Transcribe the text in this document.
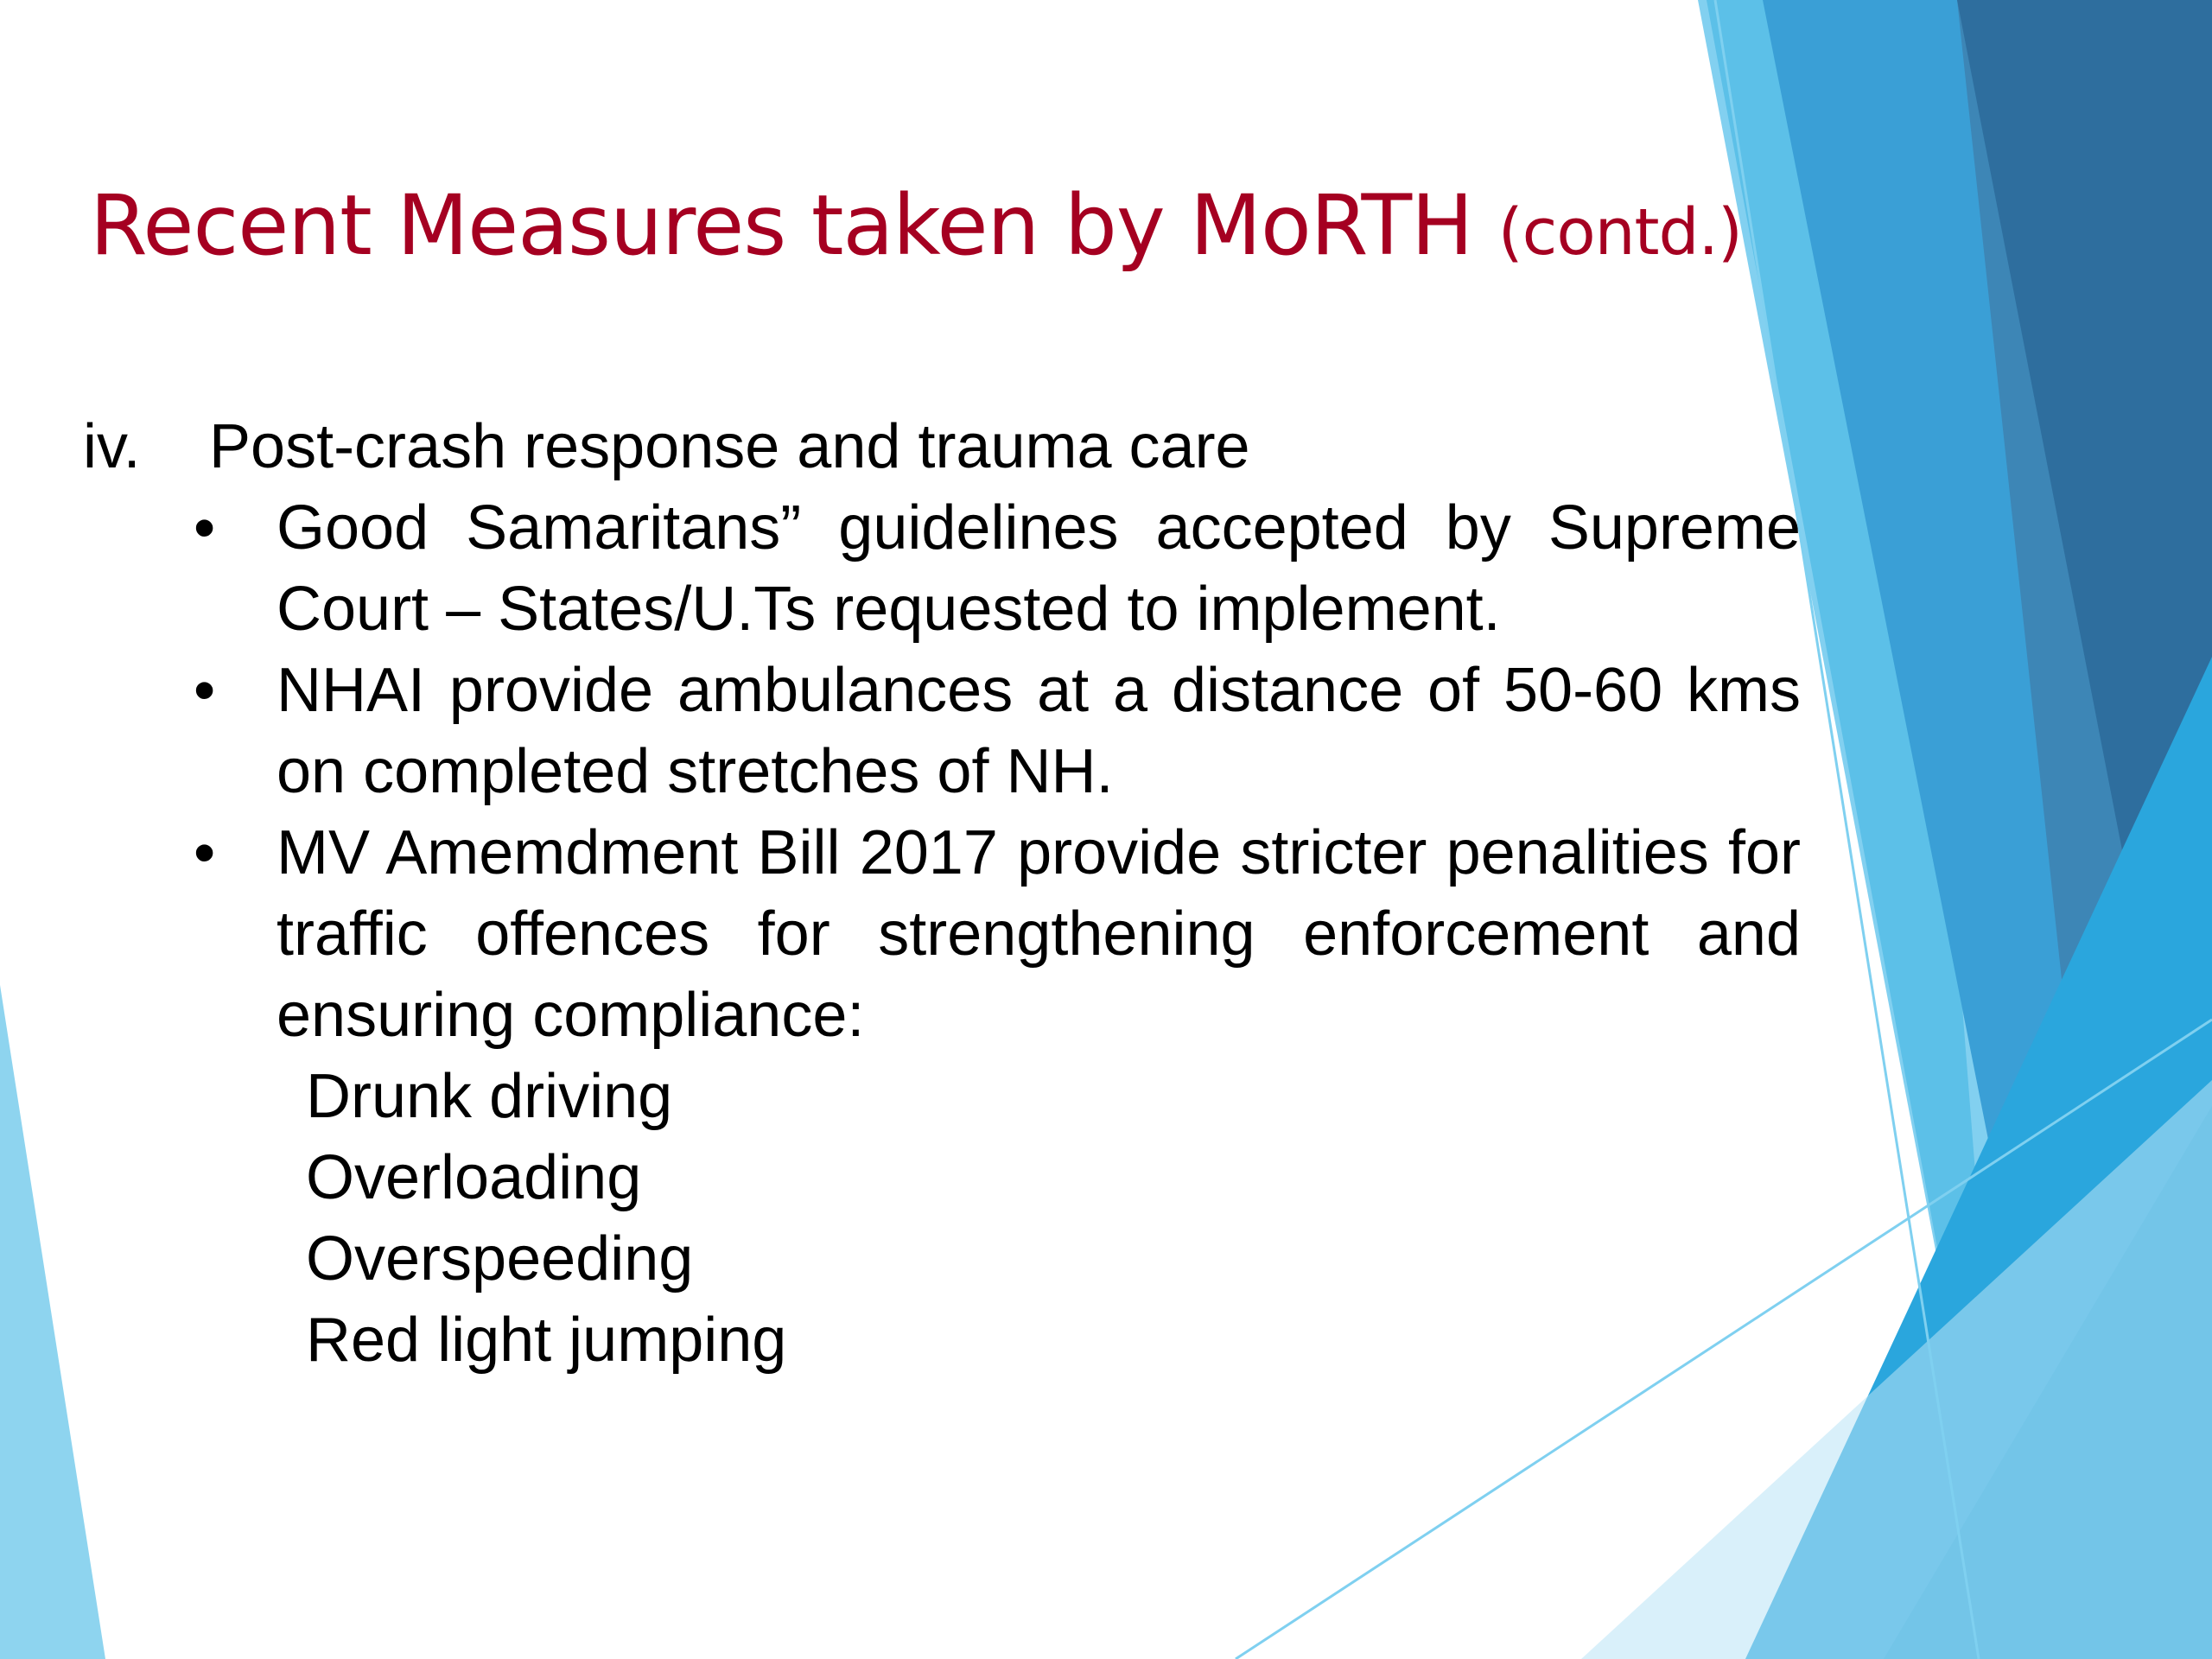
Recent Measures taken by MoRTH (contd.)
iv.	Post-crash response and trauma care
• Good Samaritans” guidelines accepted by Supreme Court – States/U.Ts requested to implement.
• NHAI provide ambulances at a distance of 50-60 kms on completed stretches of NH.
• MV Amemdment Bill 2017 provide stricter penalities for traffic offences for strengthening enforcement and ensuring compliance:
Drunk driving
Overloading
Overspeeding
Red light jumping
